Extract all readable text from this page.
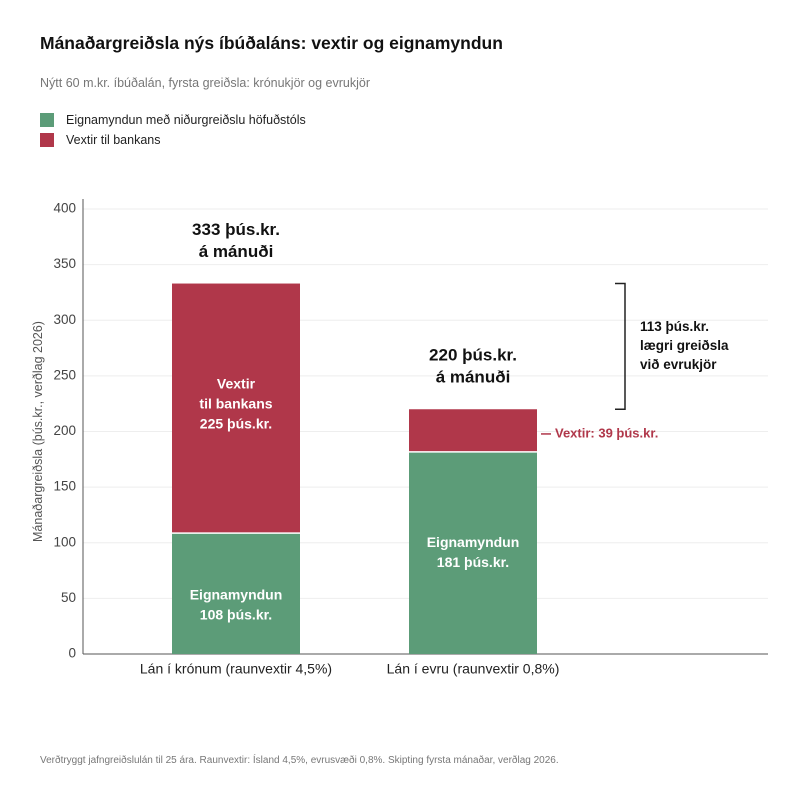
Mánaðargreiðsla nýs íbúðaláns: vextir og eignamyndun
Nýtt 60 m.kr. íbúðalán, fyrsta greiðsla: krónukjör og evrukjör
Eignamyndun með niðurgreiðslu höfuðstóls
Vextir til bankans
0
50
100
150
200
250
300
350
400
Mánaðargreiðsla (þús.kr., verðlag 2026)
Lán í krónum (raunvextir 4,5%)
Eignamyndun 108 þús.kr.
Vextir til bankans 225 þús.kr.
333 þús.kr. á mánuði
Lán í evru (raunvextir 0,8%)
Eignamyndun 181 þús.kr.
220 þús.kr. á mánuði
Vextir: 39 þús.kr.
113 þús.kr. lægri greiðsla við evrukjör
Verðtryggt jafngreiðslulán til 25 ára. Raunvextir: Ísland 4,5%, evrusvæði 0,8%. Skipting fyrsta mánaðar, verðlag 2026.
